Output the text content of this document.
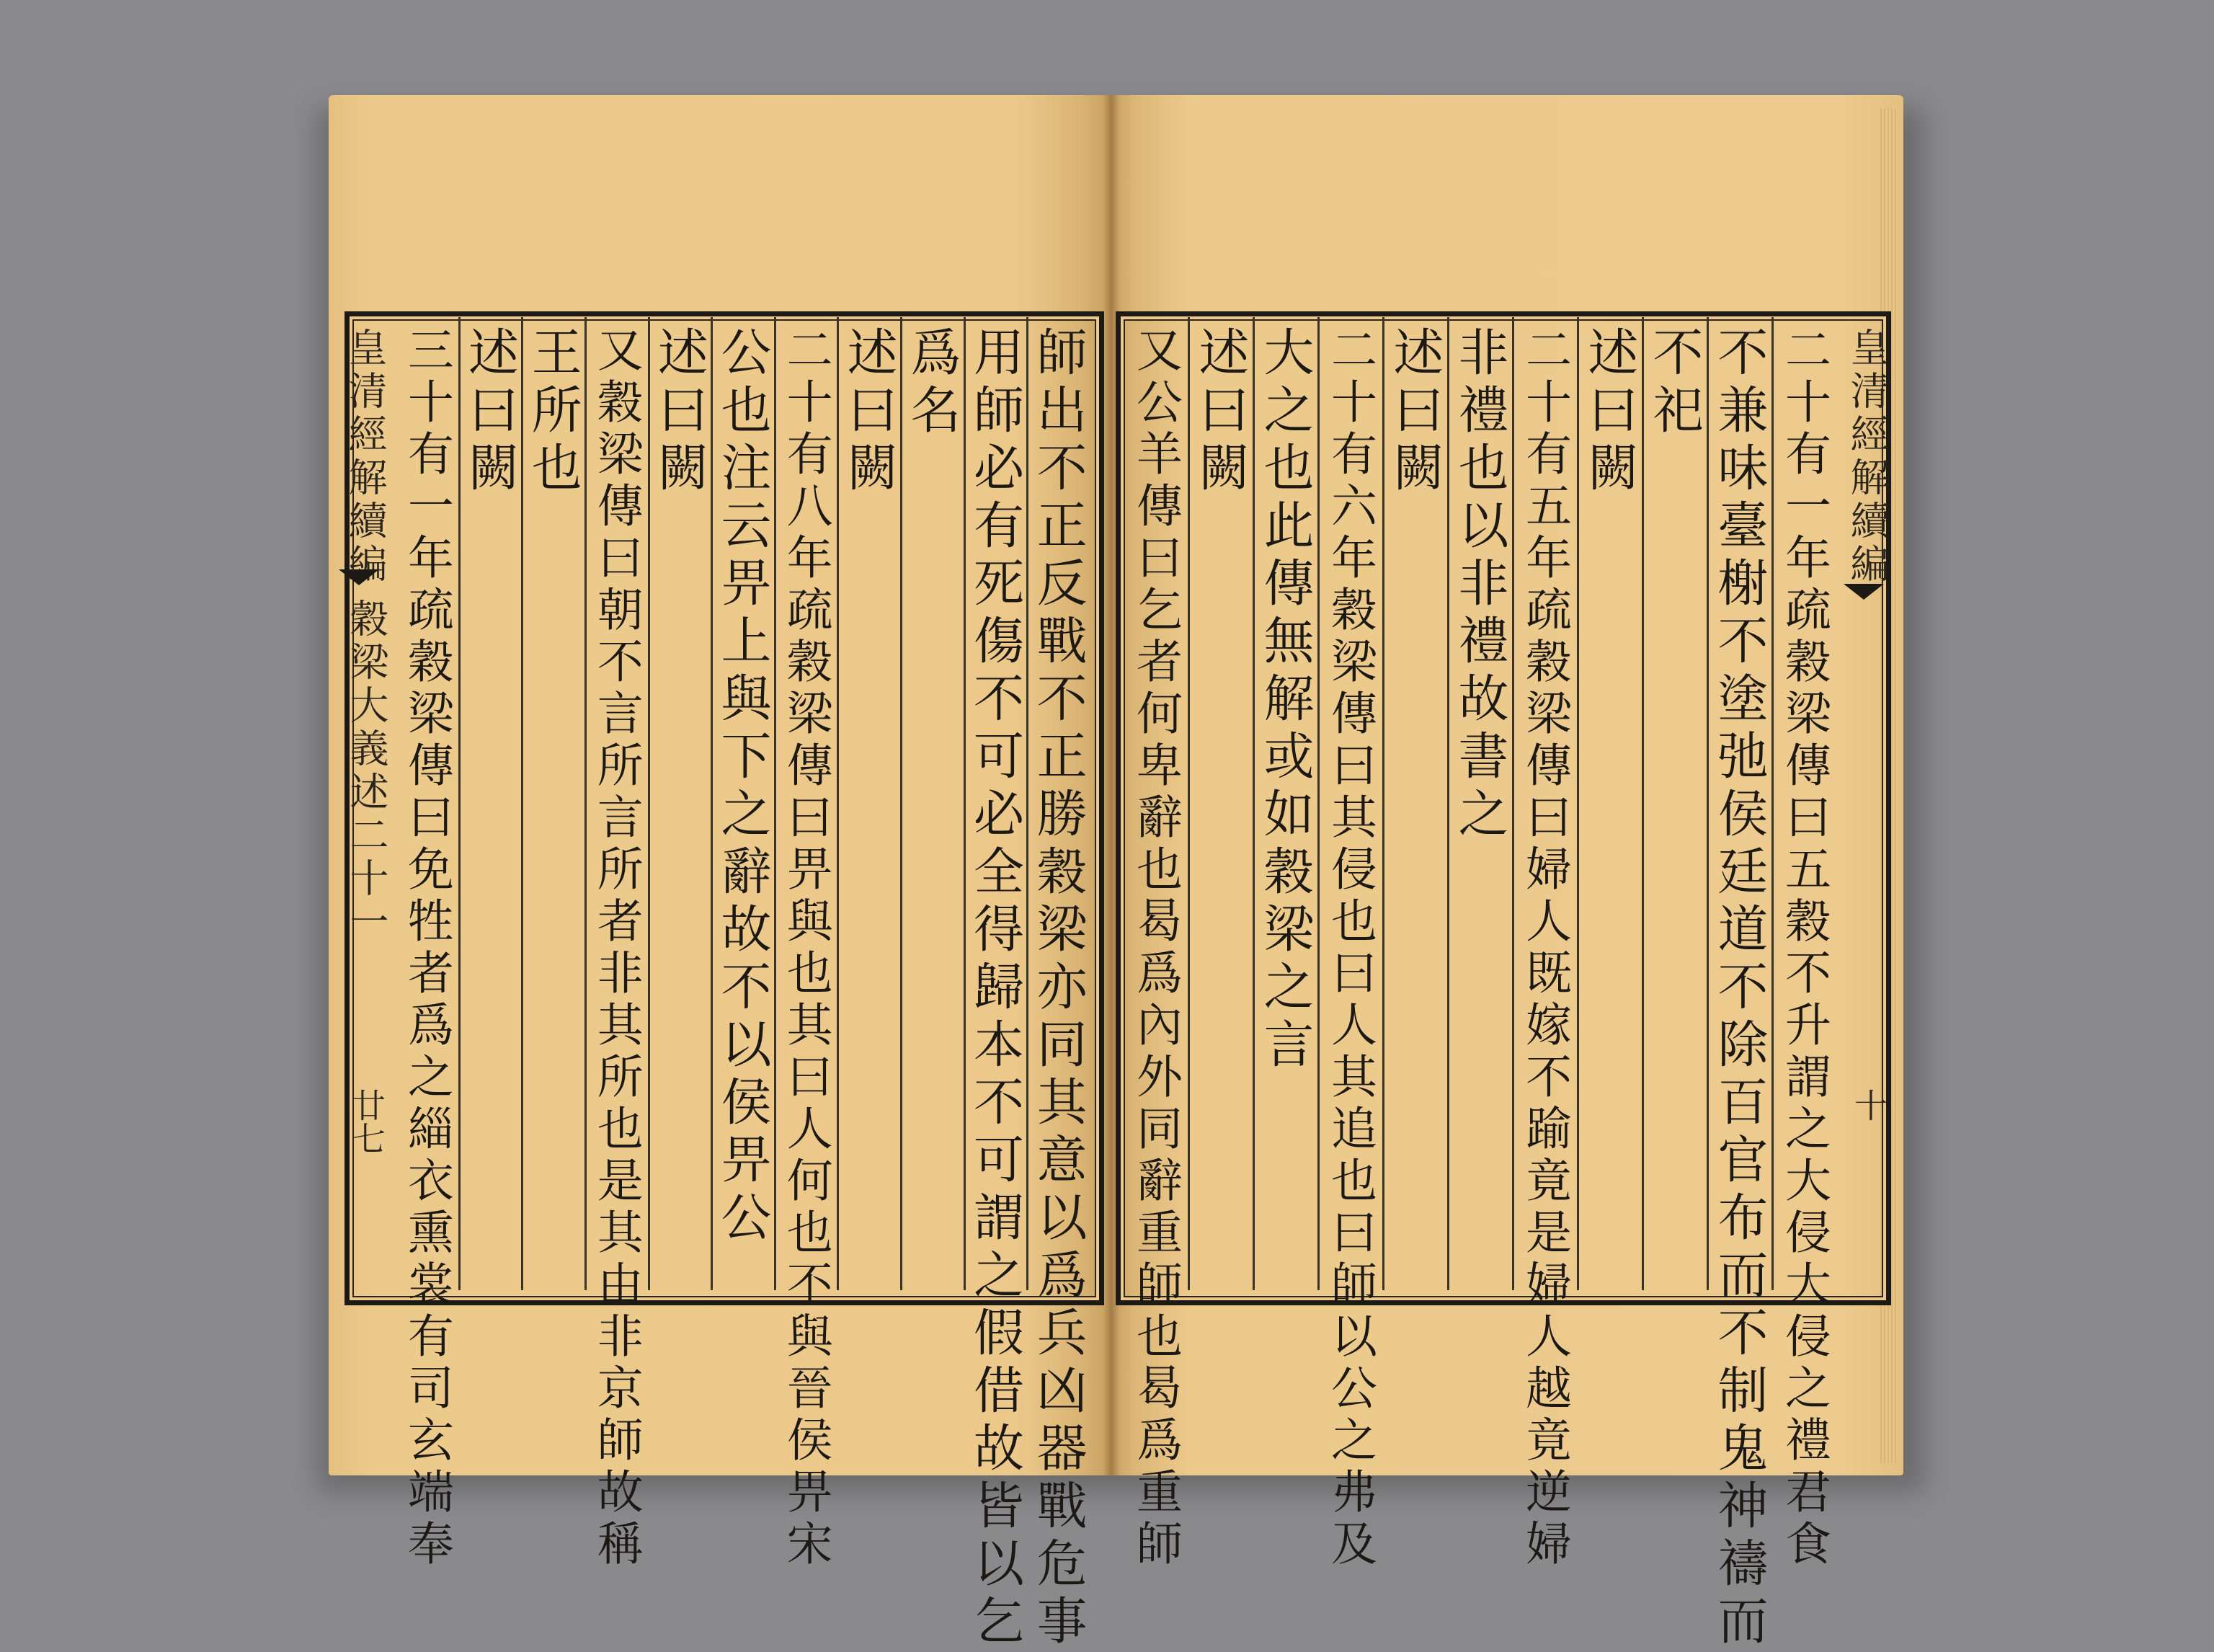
師出不正反戰不正勝穀梁亦同其意以爲兵凶器戰危事
用師必有死傷不可必全得歸本不可謂之假借故皆以乞
爲名
述曰闕
二十有八年疏穀梁傳曰畀與也其曰人何也不與晉侯畀宋
公也注云畀上與下之辭故不以侯畀公
述曰闕
又穀梁傳曰朝不言所言所者非其所也是其由非京師故稱
王所也
述曰闕
三十有一年疏穀梁傳曰免牲者爲之緇衣熏裳有司玄端奉	二十有一年疏穀梁傳曰五穀不升謂之大侵大侵之禮君食
不兼味臺榭不塗弛侯廷道不除百官布而不制鬼神禱而
不祀
述曰闕
二十有五年疏穀梁傳曰婦人既嫁不踰竟是婦人越竟逆婦
非禮也以非禮故書之
述曰闕
二十有六年穀梁傳曰其侵也曰人其追也曰師以公之弗及
大之也此傳無解或如穀梁之言
述曰闕
又公羊傳曰乞者何卑辭也曷爲內外同辭重師也曷爲重師
皇清經解續編
穀梁大義述二十一
廿七
皇清經解續編
十
